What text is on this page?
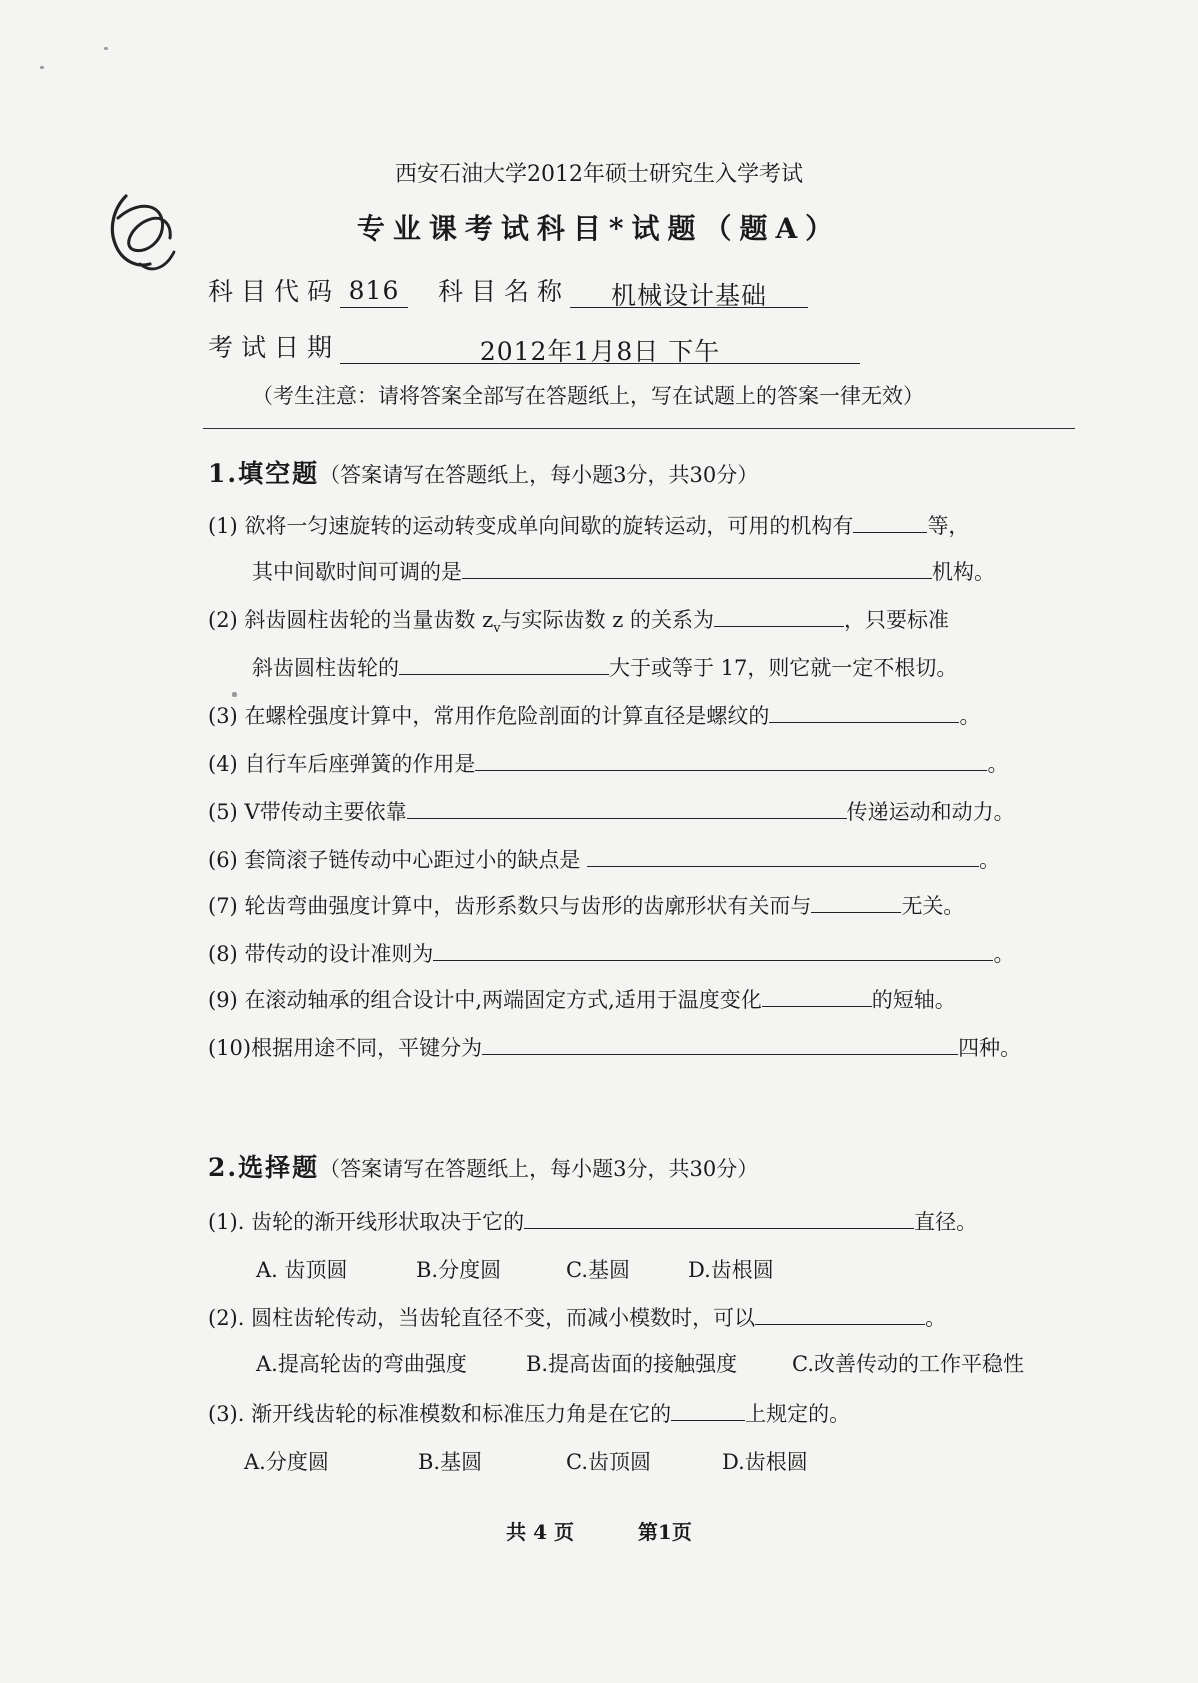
西安石油大学2012年硕士研究生入学考试
专业课考试科目*试题（题A）
科目代码 816 科目名称 机械设计基础
考试日期	2012年1月8日 下午
（考生注意：请将答案全部写在答题纸上，写在试题上的答案一律无效）
1.填空题（答案请写在答题纸上，每小题3分，共30分）
(1) 欲将一匀速旋转的运动转变成单向间歇的旋转运动，可用的机构有	等，
其中间歇时间可调的是	机构。
(2) 斜齿圆柱齿轮的当量齿数 $z_v$与实际齿数 z 的关系为	，只要标准
斜齿圆柱齿轮的	大于或等于 17，则它就一定不根切。
(3) 在螺栓强度计算中，常用作危险剖面的计算直径是螺纹的	。
(4) 自行车后座弹簧的作用是	。
(5) V带传动主要依靠	传递运动和动力。
(6) 套筒滚子链传动中心距过小的缺点是	。
(7) 轮齿弯曲强度计算中，齿形系数只与齿形的齿廓形状有关而与	无关。
(8) 带传动的设计准则为	。
(9) 在滚动轴承的组合设计中,两端固定方式,适用于温度变化	的短轴。
(10)根据用途不同，平键分为	四种。
2.选择题（答案请写在答题纸上，每小题3分，共30分）
(1). 齿轮的渐开线形状取决于它的	直径。
A. 齿顶圆	B.分度圆	C.基圆	D.齿根圆
(2). 圆柱齿轮传动，当齿轮直径不变，而减小模数时，可以	。
A.提高轮齿的弯曲强度	B.提高齿面的接触强度	C.改善传动的工作平稳性
(3). 渐开线齿轮的标准模数和标准压力角是在它的	上规定的。
A.分度圆	B.基圆	C.齿顶圆	D.齿根圆
共 4 页	第1页
